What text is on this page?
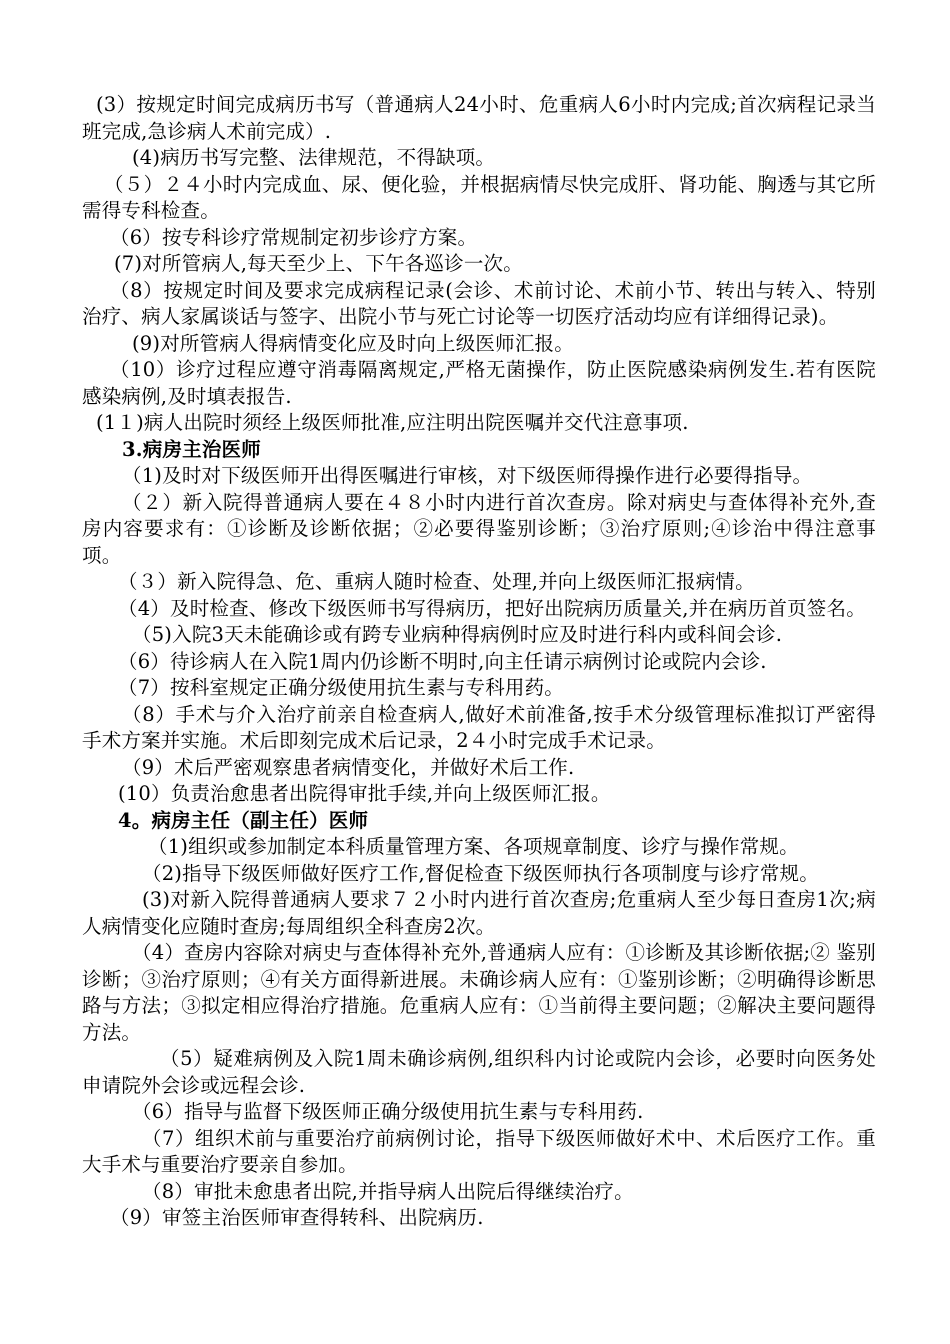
(3）按规定时间完成病历书写（普通病人24小时、危重病人6小时内完成;首次病程记录当班完成,急诊病人术前完成）.

(4)病历书写完整、法律规范，不得缺项。

（５）２４小时内完成血、尿、便化验，并根据病情尽快完成肝、肾功能、胸透与其它所需得专科检查。

（6）按专科诊疗常规制定初步诊疗方案。

(7)对所管病人,每天至少上、下午各巡诊一次。

（8）按规定时间及要求完成病程记录(会诊、术前讨论、术前小节、转出与转入、特别治疗、病人家属谈话与签字、出院小节与死亡讨论等一切医疗活动均应有详细得记录)。

(9)对所管病人得病情变化应及时向上级医师汇报。

（10）诊疗过程应遵守消毒隔离规定,严格无菌操作，防止医院感染病例发生.若有医院感染病例,及时填表报告.

(1１)病人出院时须经上级医师批准,应注明出院医嘱并交代注意事项.

3.病房主治医师

（1)及时对下级医师开出得医嘱进行审核，对下级医师得操作进行必要得指导。

（２）新入院得普通病人要在４８小时内进行首次查房。除对病史与查体得补充外,查房内容要求有：①诊断及诊断依据；②必要得鉴别诊断；③治疗原则;④诊治中得注意事项。

（３）新入院得急、危、重病人随时检查、处理,并向上级医师汇报病情。

（4）及时检查、修改下级医师书写得病历，把好出院病历质量关,并在病历首页签名。

（5)入院3天未能确诊或有跨专业病种得病例时应及时进行科内或科间会诊.

（6）待诊病人在入院1周内仍诊断不明时,向主任请示病例讨论或院内会诊.

（7）按科室规定正确分级使用抗生素与专科用药。

（8）手术与介入治疗前亲自检查病人,做好术前准备,按手术分级管理标准拟订严密得手术方案并实施。术后即刻完成术后记录，2４小时完成手术记录。

（9）术后严密观察患者病情变化，并做好术后工作.

(10）负责治愈患者出院得审批手续,并向上级医师汇报。

4。病房主任（副主任）医师

（1)组织或参加制定本科质量管理方案、各项规章制度、诊疗与操作常规。

（2)指导下级医师做好医疗工作,督促检查下级医师执行各项制度与诊疗常规。

(3)对新入院得普通病人要求７２小时内进行首次查房;危重病人至少每日查房1次;病人病情变化应随时查房;每周组织全科查房2次。

（4）查房内容除对病史与查体得补充外,普通病人应有：①诊断及其诊断依据;② 鉴别诊断；③治疗原则；④有关方面得新进展。未确诊病人应有：①鉴别诊断；②明确得诊断思路与方法；③拟定相应得治疗措施。危重病人应有：①当前得主要问题；②解决主要问题得方法。

（5）疑难病例及入院1周未确诊病例,组织科内讨论或院内会诊，必要时向医务处申请院外会诊或远程会诊.

（6）指导与监督下级医师正确分级使用抗生素与专科用药.

（7）组织术前与重要治疗前病例讨论，指导下级医师做好术中、术后医疗工作。重大手术与重要治疗要亲自参加。

（8）审批未愈患者出院,并指导病人出院后得继续治疗。

（9）审签主治医师审查得转科、出院病历.
